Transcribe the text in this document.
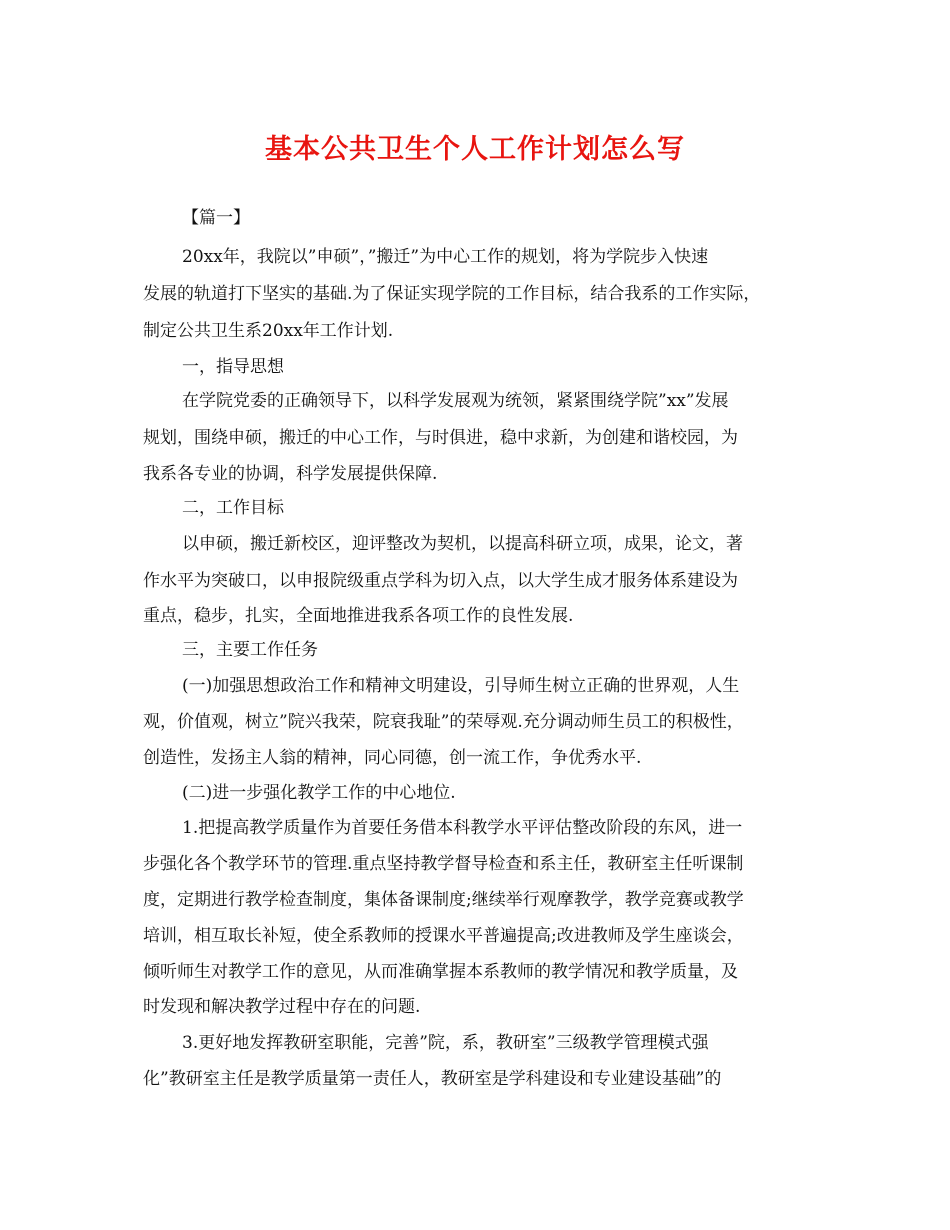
基本公共卫生个人工作计划怎么写
【篇一】
20xx年，我院以”申硕”，”搬迁”为中心工作的规划，将为学院步入快速
发展的轨道打下坚实的基础.为了保证实现学院的工作目标，结合我系的工作实际，
制定公共卫生系20xx年工作计划.
一，指导思想
在学院党委的正确领导下，以科学发展观为统领，紧紧围绕学院”xx”发展
规划，围绕申硕，搬迁的中心工作，与时俱进，稳中求新，为创建和谐校园，为
我系各专业的协调，科学发展提供保障.
二，工作目标
以申硕，搬迁新校区，迎评整改为契机，以提高科研立项，成果，论文，著
作水平为突破口，以申报院级重点学科为切入点，以大学生成才服务体系建设为
重点，稳步，扎实，全面地推进我系各项工作的良性发展.
三，主要工作任务
(一)加强思想政治工作和精神文明建设，引导师生树立正确的世界观，人生
观，价值观，树立”院兴我荣，院衰我耻”的荣辱观.充分调动师生员工的积极性，
创造性，发扬主人翁的精神，同心同德，创一流工作，争优秀水平.
(二)进一步强化教学工作的中心地位.
1.把提高教学质量作为首要任务借本科教学水平评估整改阶段的东风，进一
步强化各个教学环节的管理.重点坚持教学督导检查和系主任，教研室主任听课制
度，定期进行教学检查制度，集体备课制度;继续举行观摩教学，教学竞赛或教学
培训，相互取长补短，使全系教师的授课水平普遍提高;改进教师及学生座谈会，
倾听师生对教学工作的意见，从而准确掌握本系教师的教学情况和教学质量，及
时发现和解决教学过程中存在的问题.
3.更好地发挥教研室职能，完善”院，系，教研室”三级教学管理模式强
化”教研室主任是教学质量第一责任人，教研室是学科建设和专业建设基础”的
